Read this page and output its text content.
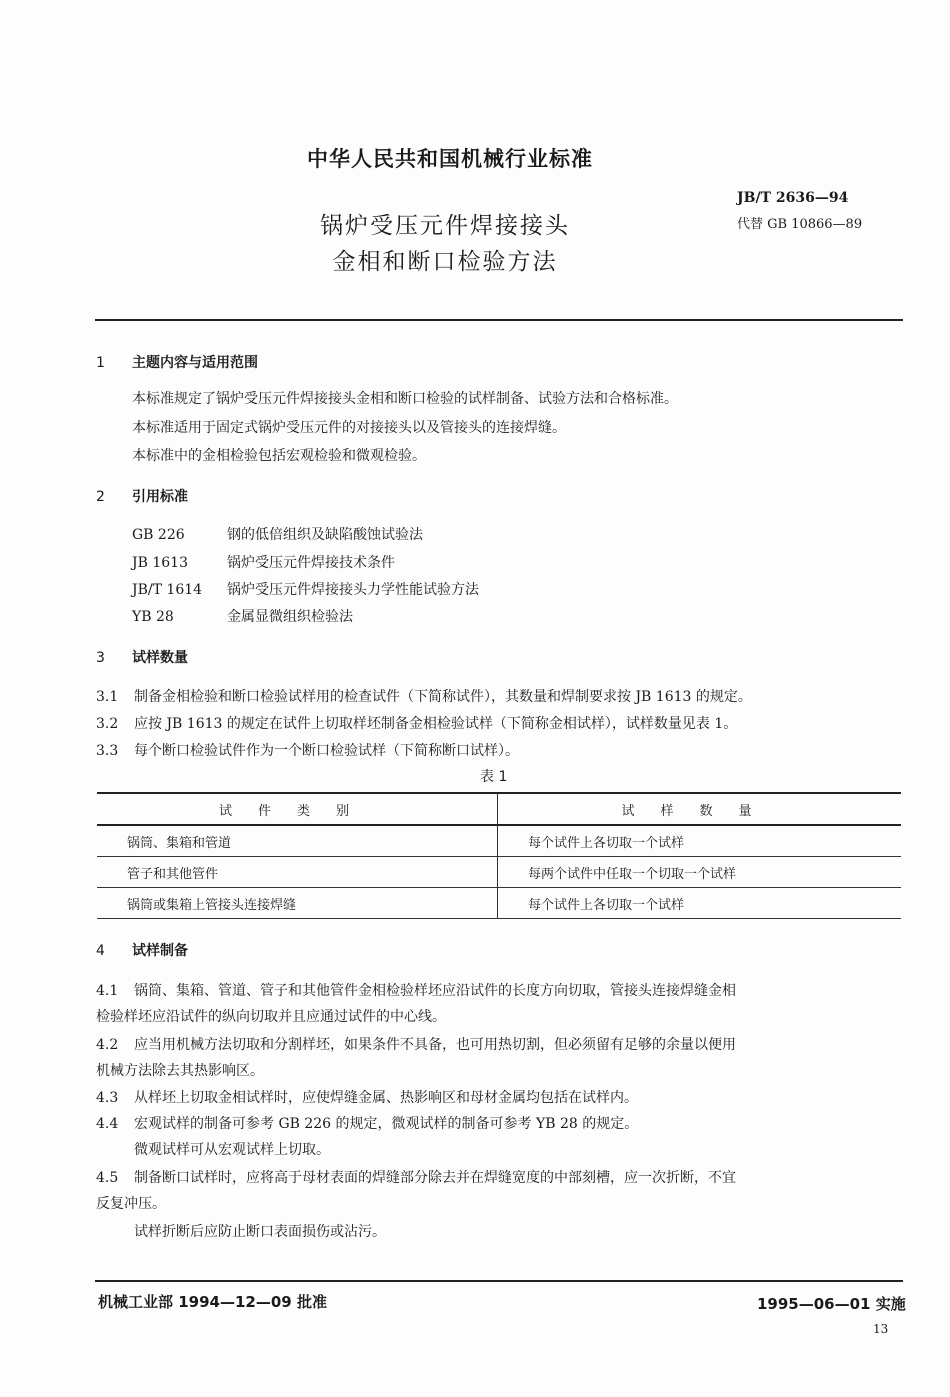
中华人民共和国机械行业标准
锅炉受压元件焊接接头
金相和断口检验方法
JB/T 2636—94
代替 GB 10866—89
1 主题内容与适用范围
本标准规定了锅炉受压元件焊接接头金相和断口检验的试样制备、试验方法和合格标准。
本标准适用于固定式锅炉受压元件的对接接头以及管接头的连接焊缝。
本标准中的金相检验包括宏观检验和微观检验。
2 引用标准
GB 226	钢的低倍组织及缺陷酸蚀试验法
JB 1613	锅炉受压元件焊接技术条件
JB/T 1614 锅炉受压元件焊接接头力学性能试验方法
YB 28	金属显微组织检验法
3 试样数量
3.1 制备金相检验和断口检验试样用的检查试件（下简称试件），其数量和焊制要求按 JB 1613 的规定。
3.2 应按 JB 1613 的规定在试件上切取样坯制备金相检验试样（下简称金相试样），试样数量见表 1。
3.3 每个断口检验试件作为一个断口检验试样（下简称断口试样）。
表 1
试件类别	试样数量
锅筒、集箱和管道	每个试件上各切取一个试样
管子和其他管件	每两个试件中任取一个切取一个试样
锅筒或集箱上管接头连接焊缝	每个试件上各切取一个试样
4 试样制备
4.1 锅筒、集箱、管道、管子和其他管件金相检验样坯应沿试件的长度方向切取，管接头连接焊缝金相
检验样坯应沿试件的纵向切取并且应通过试件的中心线。
4.2 应当用机械方法切取和分割样坯，如果条件不具备，也可用热切割，但必须留有足够的余量以便用
机械方法除去其热影响区。
4.3 从样坯上切取金相试样时，应使焊缝金属、热影响区和母材金属均包括在试样内。
4.4 宏观试样的制备可参考 GB 226 的规定，微观试样的制备可参考 YB 28 的规定。
微观试样可从宏观试样上切取。
4.5 制备断口试样时，应将高于母材表面的焊缝部分除去并在焊缝宽度的中部刻槽，应一次折断，不宜
反复冲压。
试样折断后应防止断口表面损伤或沾污。
机械工业部 1994—12—09 批准	1995—06—01 实施
13
